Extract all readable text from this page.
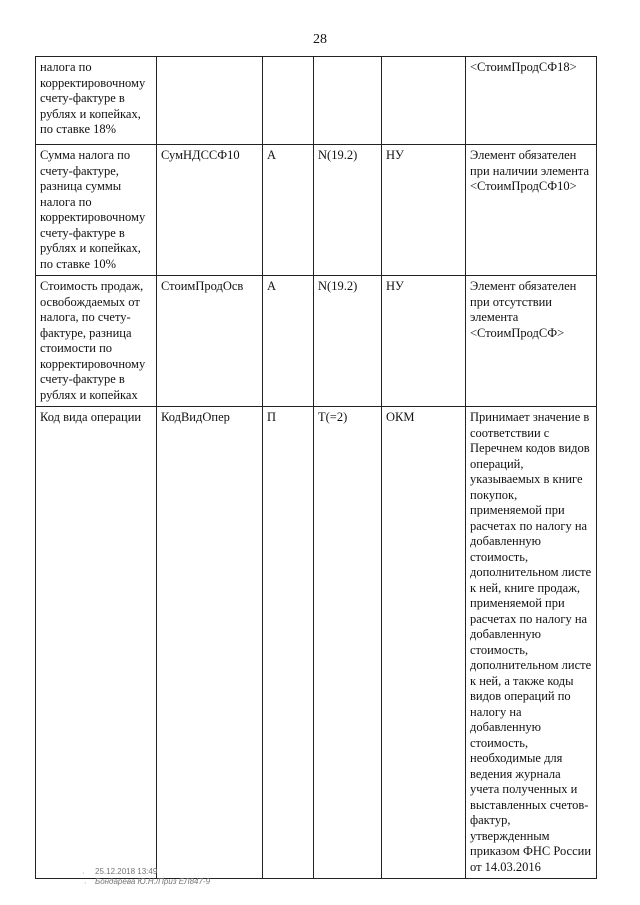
28
налога по корректировочному счету-фактуре в рублях и копейках, по ставке 18%					<СтоимПродСФ18>
Сумма налога по счету-фактуре, разница суммы налога по корректировочному счету-фактуре в рублях и копейках, по ставке 10%	СумНДССФ10	А	N(19.2)	НУ	Элемент обязателен при наличии элемента <СтоимПродСФ10>
Стоимость продаж, освобождаемых от налога, по счету-фактуре, разница стоимости по корректировочному счету-фактуре в рублях и копейках	СтоимПродОсв	А	N(19.2)	НУ	Элемент обязателен при отсутствии элемента <СтоимПродСФ>
Код вида операции	КодВидОпер	П	T(=2)	ОКМ	Принимает значение в соответствии с Перечнем кодов видов операций, указываемых в книге покупок, применяемой при расчетах по налогу на добавленную стоимость, дополнительном листе к ней, книге продаж, применяемой при расчетах по налогу на добавленную стоимость, дополнительном листе к ней, а также коды видов операций по налогу на добавленную стоимость, необходимые для ведения журнала учета полученных и выставленных счетов-фактур, утвержденным приказом ФНС России от 14.03.2016
·
·
25.12.2018 13:49
Бондарева Ю.Н./Приз ЕЛ847-9
